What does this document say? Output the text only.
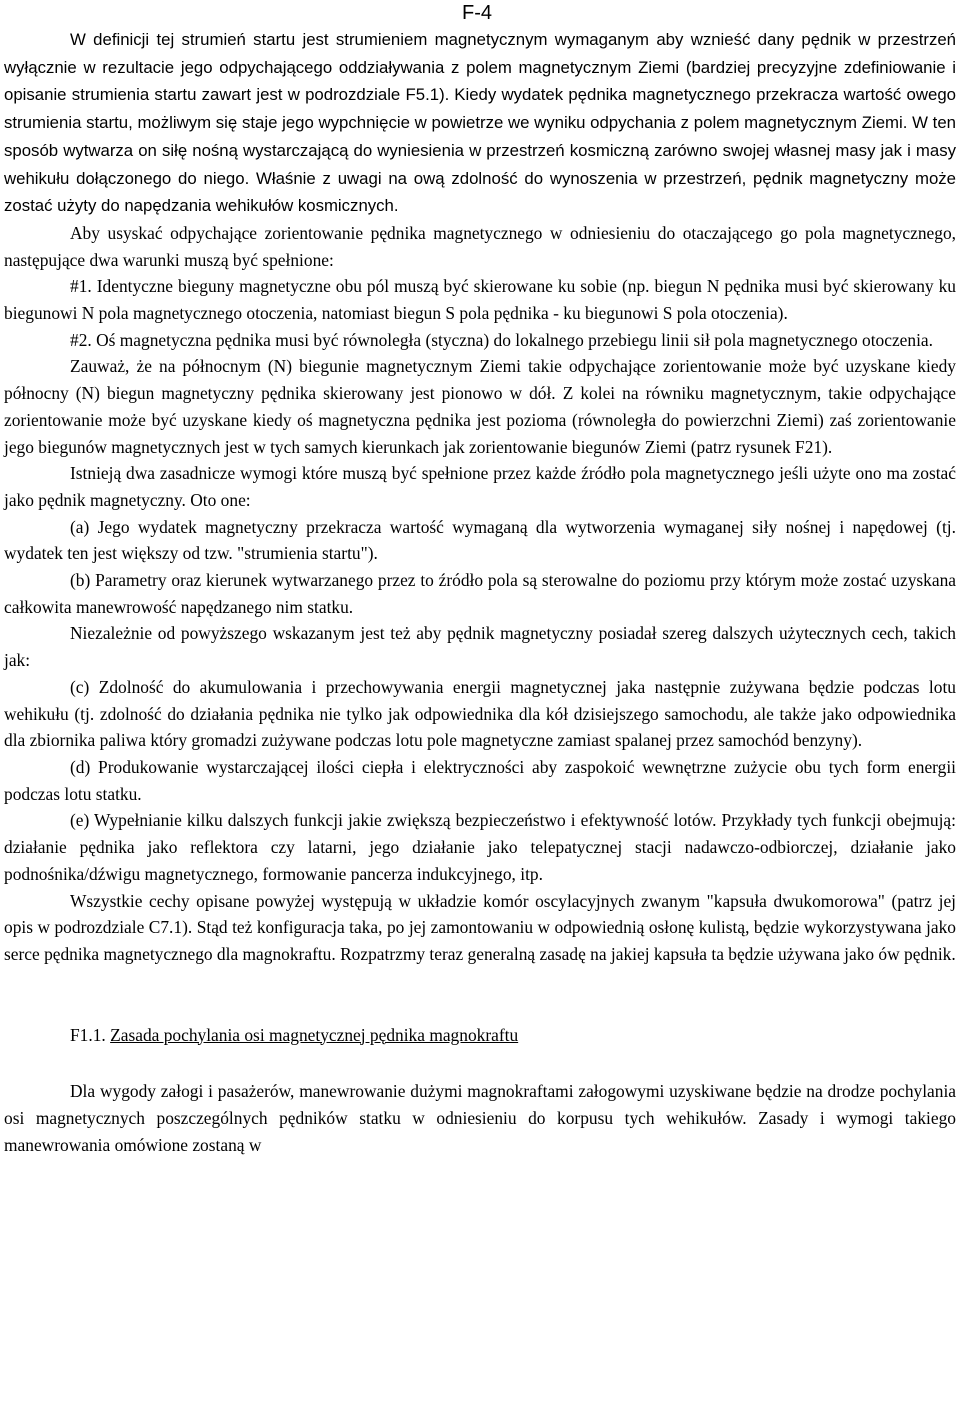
F-4

W definicji tej strumień startu jest strumieniem magnetycznym wymaganym aby wznieść dany pędnik w przestrzeń wyłącznie w rezultacie jego odpychającego oddziaływania z polem magnetycznym Ziemi (bardziej precyzyjne zdefiniowanie i opisanie strumienia startu zawart jest w podrozdziale F5.1). Kiedy wydatek pędnika magnetycznego przekracza wartość owego strumienia startu, możliwym się staje jego wypchnięcie w powietrze we wyniku odpychania z polem magnetycznym Ziemi. W ten sposób wytwarza on siłę nośną wystarczającą do wyniesienia w przestrzeń kosmiczną zarówno swojej własnej masy jak i masy wehikułu dołączonego do niego. Właśnie z uwagi na ową zdolność do wynoszenia w przestrzeń, pędnik magnetyczny może zostać użyty do napędzania wehikułów kosmicznych.

Aby usyskać odpychające zorientowanie pędnika magnetycznego w odniesieniu do otaczającego go pola magnetycznego, następujące dwa warunki muszą być spełnione:

#1. Identyczne bieguny magnetyczne obu pól muszą być skierowane ku sobie (np. biegun N pędnika musi być skierowany ku biegunowi N pola magnetycznego otoczenia, natomiast biegun S pola pędnika - ku biegunowi S pola otoczenia).

#2. Oś magnetyczna pędnika musi być równoległa (styczna) do lokalnego przebiegu linii sił pola magnetycznego otoczenia.

Zauważ, że na północnym (N) biegunie magnetycznym Ziemi takie odpychające zorientowanie może być uzyskane kiedy północny (N) biegun magnetyczny pędnika skierowany jest pionowo w dół. Z kolei na równiku magnetycznym, takie odpychające zorientowanie może być uzyskane kiedy oś magnetyczna pędnika jest pozioma (równoległa do powierzchni Ziemi) zaś zorientowanie jego biegunów magnetycznych jest w tych samych kierunkach jak zorientowanie biegunów Ziemi (patrz rysunek F21).

Istnieją dwa zasadnicze wymogi które muszą być spełnione przez każde źródło pola magnetycznego jeśli użyte ono ma zostać jako pędnik magnetyczny. Oto one:

(a) Jego wydatek magnetyczny przekracza wartość wymaganą dla wytworzenia wymaganej siły nośnej i napędowej (tj. wydatek ten jest większy od tzw. "strumienia startu").

(b) Parametry oraz kierunek wytwarzanego przez to źródło pola są sterowalne do poziomu przy którym może zostać uzyskana całkowita manewrowość napędzanego nim statku.

Niezależnie od powyższego wskazanym jest też aby pędnik magnetyczny posiadał szereg dalszych użytecznych cech, takich jak:

(c) Zdolność do akumulowania i przechowywania energii magnetycznej jaka następnie zużywana będzie podczas lotu wehikułu (tj. zdolność do działania pędnika nie tylko jak odpowiednika dla kół dzisiejszego samochodu, ale także jako odpowiednika dla zbiornika paliwa który gromadzi zużywane podczas lotu pole magnetyczne zamiast spalanej przez samochód benzyny).

(d) Produkowanie wystarczającej ilości ciepła i elektryczności aby zaspokoić wewnętrzne zużycie obu tych form energii podczas lotu statku.

(e) Wypełnianie kilku dalszych funkcji jakie zwiększą bezpieczeństwo i efektywność lotów. Przykłady tych funkcji obejmują: działanie pędnika jako reflektora czy latarni, jego działanie jako telepatycznej stacji nadawczo-odbiorczej, działanie jako podnośnika/dźwigu magnetycznego, formowanie pancerza indukcyjnego, itp.

Wszystkie cechy opisane powyżej występują w układzie komór oscylacyjnych zwanym "kapsuła dwukomorowa" (patrz jej opis w podrozdziale C7.1). Stąd też konfiguracja taka, po jej zamontowaniu w odpowiednią osłonę kulistą, będzie wykorzystywana jako serce pędnika magnetycznego dla magnokraftu. Rozpatrzmy teraz generalną zasadę na jakiej kapsuła ta będzie używana jako ów pędnik.

F1.1. Zasada pochylania osi magnetycznej pędnika magnokraftu

Dla wygody załogi i pasażerów, manewrowanie dużymi magnokraftami załogowymi uzyskiwane będzie na drodze pochylania osi magnetycznych poszczególnych pędników statku w odniesieniu do korpusu tych wehikułów. Zasady i wymogi takiego manewrowania omówione zostaną w
